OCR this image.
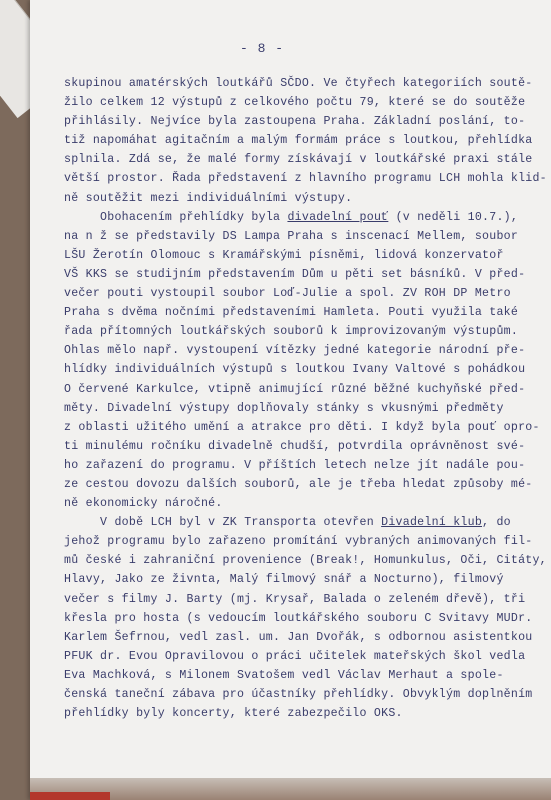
- 8 -
skupinou amatérských loutkářů SČDO. Ve čtyřech kategoriích soutě-
žilo celkem 12 výstupů z celkového počtu 79, které se do soutěže
přihlásily. Nejvíce byla zastoupena Praha. Základní poslání, to-
tiž napomáhat agitačním a malým formám práce s loutkou, přehlídka
splnila. Zdá se, že malé formy získávají v loutkářské praxi stále
větší prostor. Řada představení z hlavního programu LCH mohla klid-
ně soutěžit mezi individuálními výstupy.
Obohacením přehlídky byla divadelní pouť (v neděli 10.7.),
na n ž se představily DS Lampa Praha s inscenací Mellem, soubor
LŠU Žerotín Olomouc s Kramářskými písněmi, lidová konzervatoř
VŠ KKS se studijním představením Dům u pěti set básníků. V před-
večer pouti vystoupil soubor Loď-Julie a spol. ZV ROH DP Metro
Praha s dvěma nočními představeními Hamleta. Pouti využila také
řada přítomných loutkářských souborů k improvizovaným výstupům.
Ohlas mělo např. vystoupení vítězky jedné kategorie národní pře-
hlídky individuálních výstupů s loutkou Ivany Valtové s pohádkou
O červené Karkulce, vtipně animující různé běžné kuchyňské před-
měty. Divadelní výstupy doplňovaly stánky s vkusnými předměty
z oblasti užitého umění a atrakce pro děti. I když byla pouť opro-
ti minulému ročníku divadelně chudší, potvrdila oprávněnost své-
ho zařazení do programu. V příštích letech nelze jít nadále pou-
ze cestou dovozu dalších souborů, ale je třeba hledat způsoby mé-
ně ekonomicky náročné.
V době LCH byl v ZK Transporta otevřen Divadelní klub, do
jehož programu bylo zařazeno promítání vybraných animovaných fil-
mů české i zahraniční provenience (Break!, Homunkulus, Oči, Citáty,
Hlavy, Jako ze živnta, Malý filmový snář a Nocturno), filmový
večer s filmy J. Barty (mj. Krysař, Balada o zeleném dřevě), tři
křesla pro hosta (s vedoucím loutkářského souboru C Svitavy MUDr.
Karlem Šefrnou, vedl zasl. um. Jan Dvořák, s odbornou asistentkou
PFUK dr. Evou Opravilovou o práci učitelek mateřských škol vedla
Eva Machková, s Milonem Svatošem vedl Václav Merhaut a spole-
čenská taneční zábava pro účastníky přehlídky. Obvyklým doplněním
přehlídky byly koncerty, které zabezpečilo OKS.
